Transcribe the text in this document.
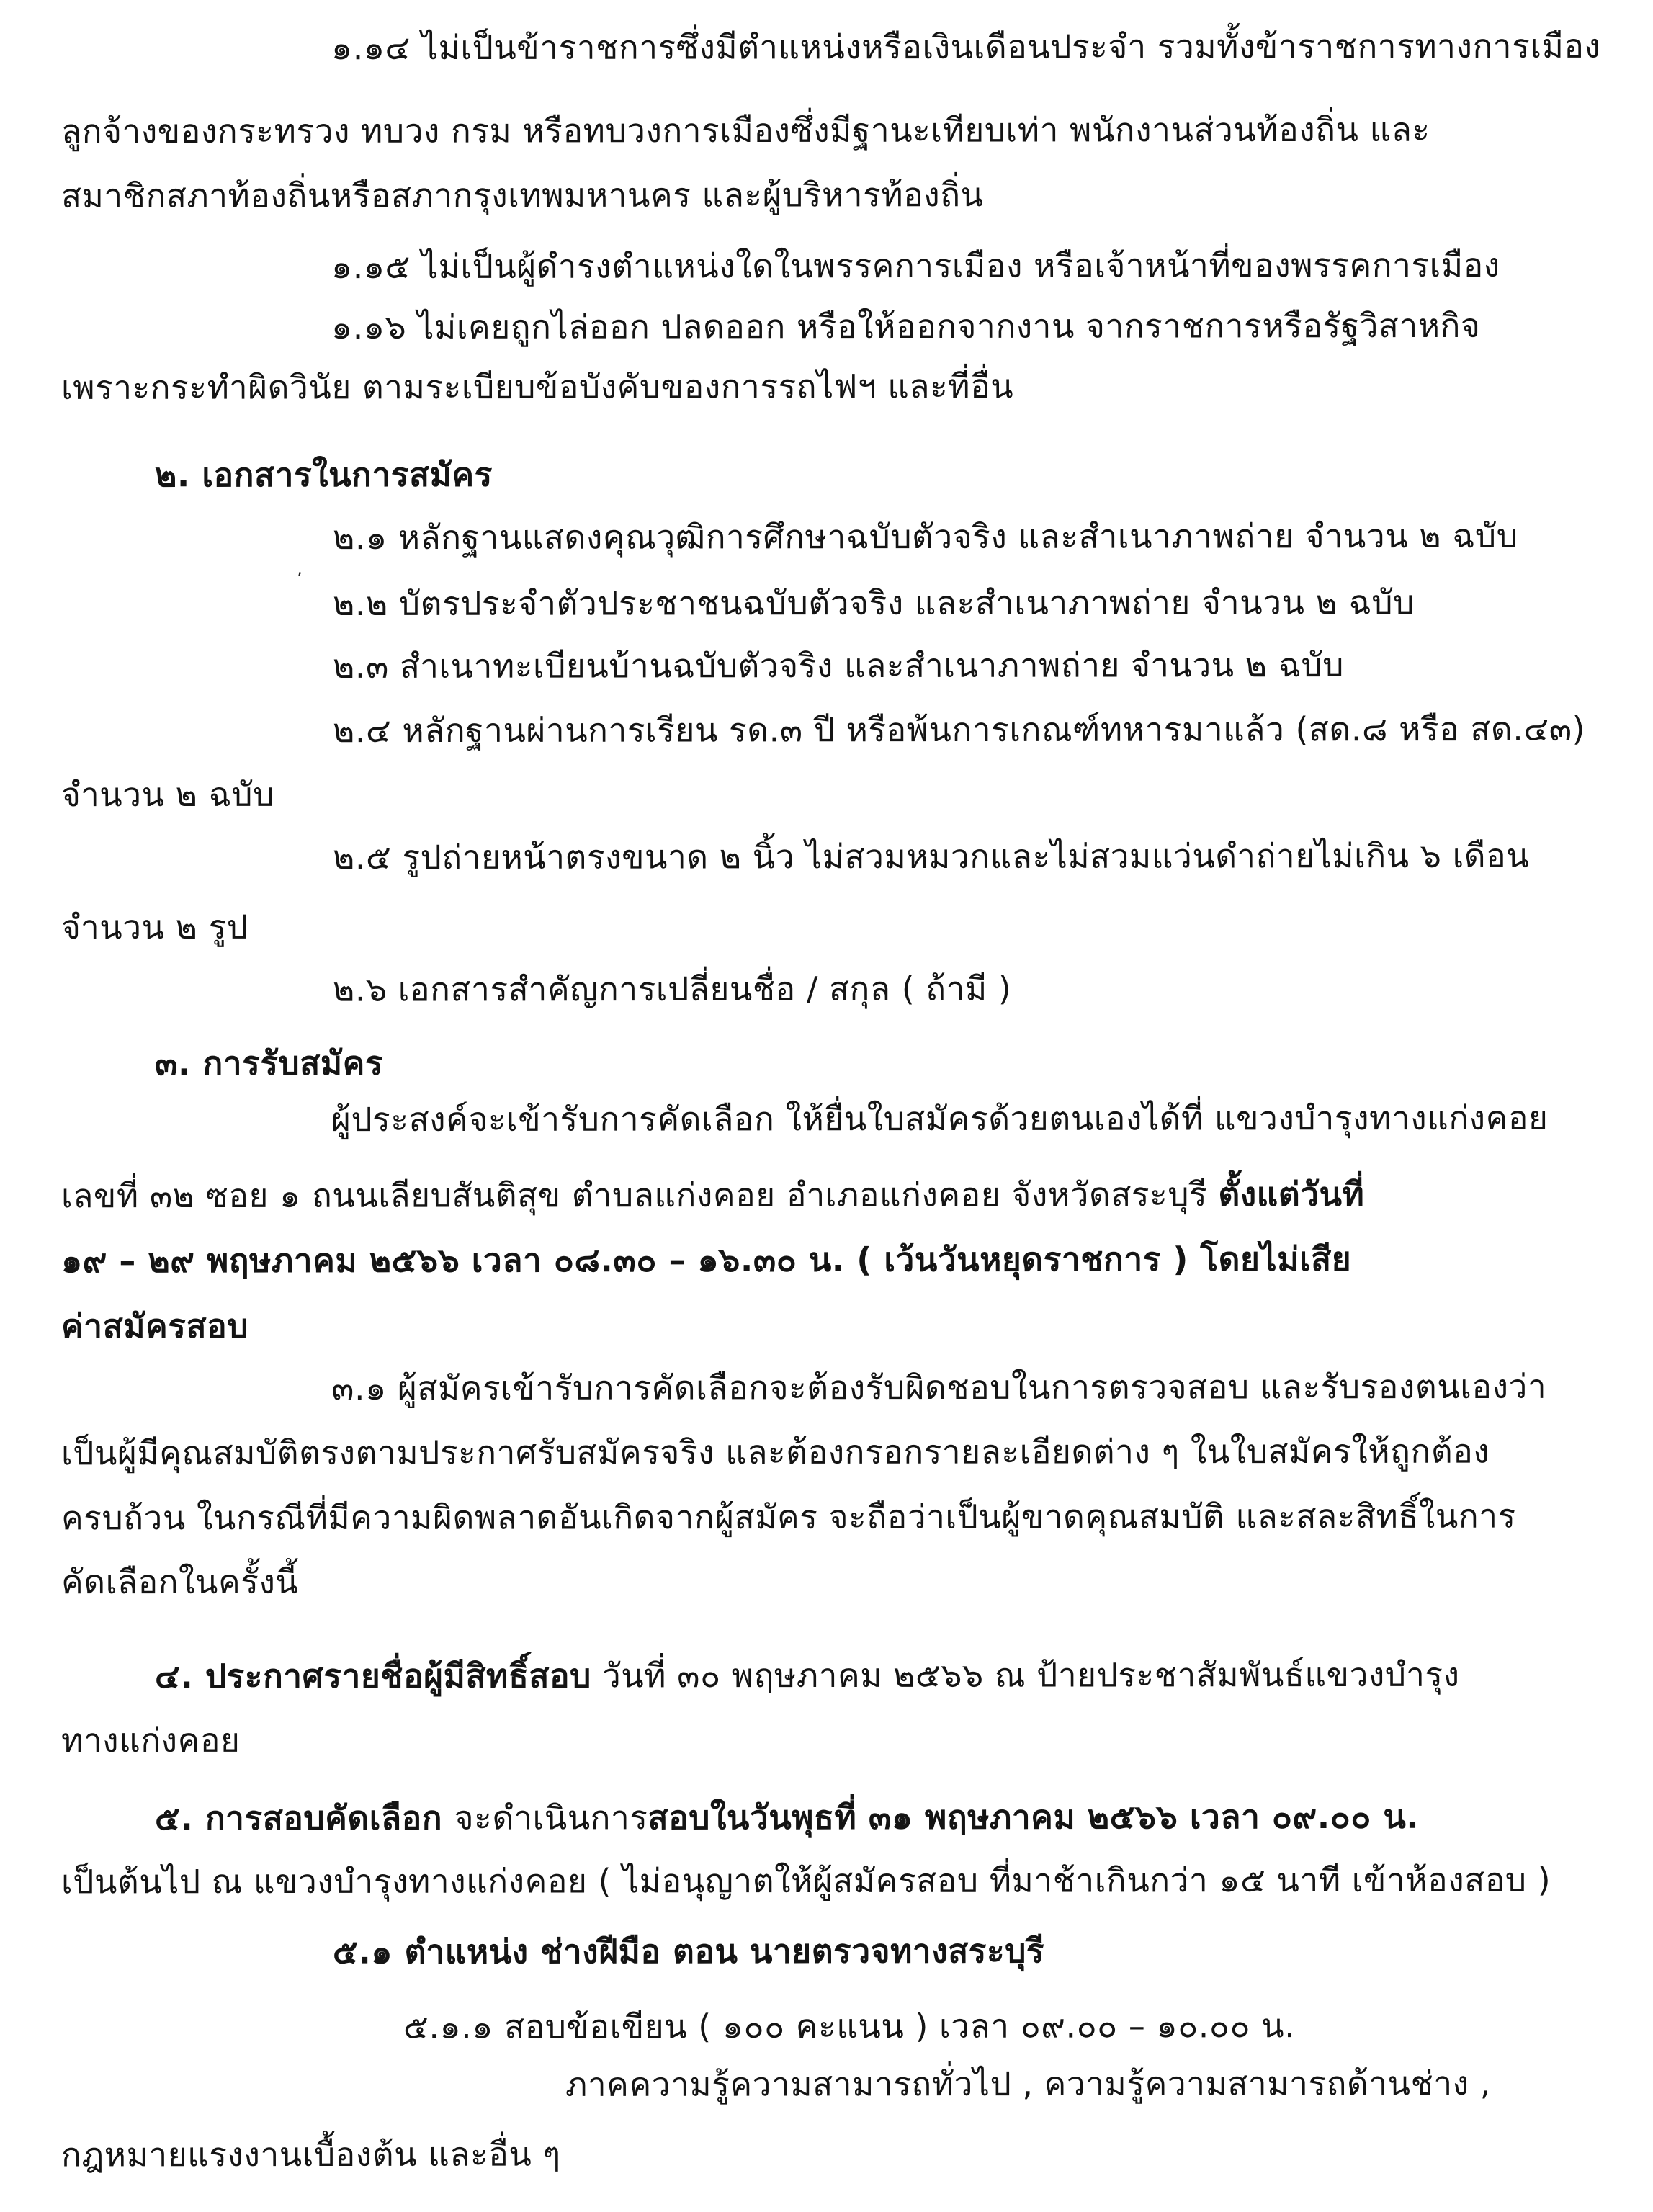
๑.๑๔ ไม่เป็นข้าราชการซึ่งมีตำแหน่งหรือเงินเดือนประจำ รวมทั้งข้าราชการทางการเมือง
ลูกจ้างของกระทรวง ทบวง กรม หรือทบวงการเมืองซึ่งมีฐานะเทียบเท่า พนักงานส่วนท้องถิ่น และ
สมาชิกสภาท้องถิ่นหรือสภากรุงเทพมหานคร และผู้บริหารท้องถิ่น
๑.๑๕ ไม่เป็นผู้ดำรงตำแหน่งใดในพรรคการเมือง หรือเจ้าหน้าที่ของพรรคการเมือง
๑.๑๖ ไม่เคยถูกไล่ออก ปลดออก หรือให้ออกจากงาน จากราชการหรือรัฐวิสาหกิจ
เพราะกระทำผิดวินัย ตามระเบียบข้อบังคับของการรถไฟฯ และที่อื่น
๒. เอกสารในการสมัคร
๒.๑ หลักฐานแสดงคุณวุฒิการศึกษาฉบับตัวจริง และสำเนาภาพถ่าย จำนวน ๒ ฉบับ
๒.๒ บัตรประจำตัวประชาชนฉบับตัวจริง และสำเนาภาพถ่าย จำนวน ๒ ฉบับ
๒.๓ สำเนาทะเบียนบ้านฉบับตัวจริง และสำเนาภาพถ่าย จำนวน ๒ ฉบับ
๒.๔ หลักฐานผ่านการเรียน รด.๓ ปี หรือพ้นการเกณฑ์ทหารมาแล้ว (สด.๘ หรือ สด.๔๓)
จำนวน ๒ ฉบับ
๒.๕ รูปถ่ายหน้าตรงขนาด ๒ นิ้ว ไม่สวมหมวกและไม่สวมแว่นดำถ่ายไม่เกิน ๖ เดือน
จำนวน ๒ รูป
๒.๖ เอกสารสำคัญการเปลี่ยนชื่อ / สกุล ( ถ้ามี )
๓. การรับสมัคร
ผู้ประสงค์จะเข้ารับการคัดเลือก ให้ยื่นใบสมัครด้วยตนเองได้ที่ แขวงบำรุงทางแก่งคอย
เลขที่ ๓๒ ซอย ๑ ถนนเลียบสันติสุข ตำบลแก่งคอย อำเภอแก่งคอย จังหวัดสระบุรี ตั้งแต่วันที่
๑๙ – ๒๙ พฤษภาคม ๒๕๖๖ เวลา ๐๘.๓๐ – ๑๖.๓๐ น. ( เว้นวันหยุดราชการ ) โดยไม่เสีย
ค่าสมัครสอบ
๓.๑ ผู้สมัครเข้ารับการคัดเลือกจะต้องรับผิดชอบในการตรวจสอบ และรับรองตนเองว่า
เป็นผู้มีคุณสมบัติตรงตามประกาศรับสมัครจริง และต้องกรอกรายละเอียดต่าง ๆ ในใบสมัครให้ถูกต้อง
ครบถ้วน ในกรณีที่มีความผิดพลาดอันเกิดจากผู้สมัคร จะถือว่าเป็นผู้ขาดคุณสมบัติ และสละสิทธิ์ในการ
คัดเลือกในครั้งนี้
๔. ประกาศรายชื่อผู้มีสิทธิ์สอบ วันที่ ๓๐ พฤษภาคม ๒๕๖๖ ณ ป้ายประชาสัมพันธ์แขวงบำรุง
ทางแก่งคอย
๕. การสอบคัดเลือก จะดำเนินการสอบในวันพุธที่ ๓๑ พฤษภาคม ๒๕๖๖ เวลา ๐๙.๐๐ น.
เป็นต้นไป ณ แขวงบำรุงทางแก่งคอย ( ไม่อนุญาตให้ผู้สมัครสอบ ที่มาช้าเกินกว่า ๑๕ นาที เข้าห้องสอบ )
๕.๑ ตำแหน่ง ช่างฝีมือ ตอน นายตรวจทางสระบุรี
๕.๑.๑ สอบข้อเขียน ( ๑๐๐ คะแนน ) เวลา ๐๙.๐๐ – ๑๐.๐๐ น.
ภาคความรู้ความสามารถทั่วไป , ความรู้ความสามารถด้านช่าง ,
กฎหมายแรงงานเบื้องต้น และอื่น ๆ
ʼ
